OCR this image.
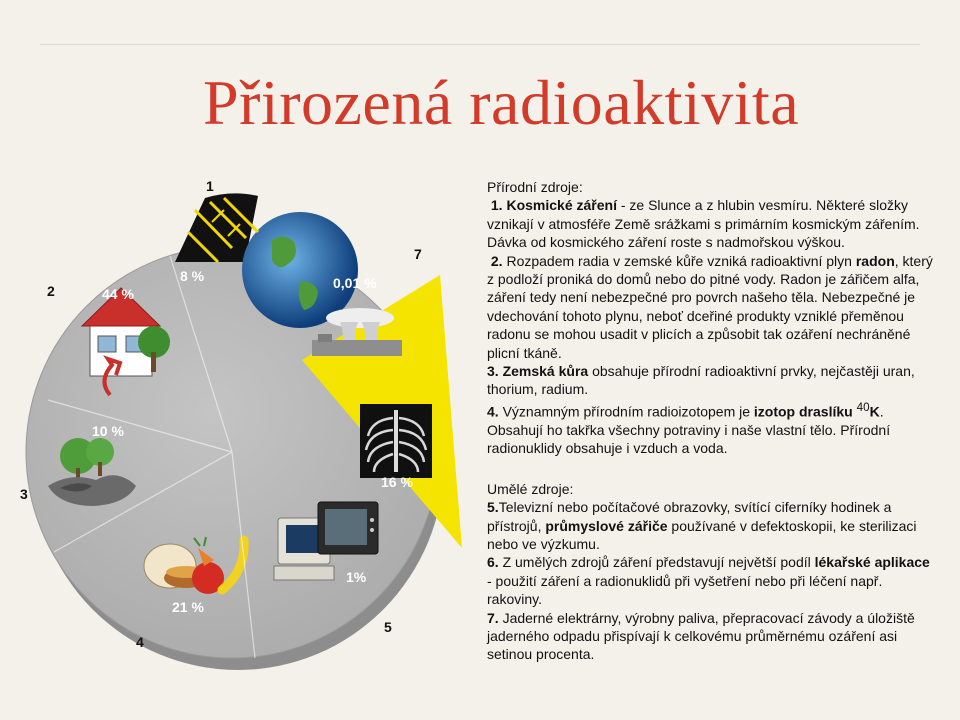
Přirozená radioaktivita
8 %
44 %
10 %
21 %
1%
16 %
0,01 %
1
2
3
4
5
7

Přírodní zdroje:

1. Kosmické záření - ze Slunce a z hlubin vesmíru. Některé složky vznikají v atmosféře Země srážkami s primárním kosmickým zářením. Dávka od kosmického záření roste s nadmořskou výškou.

2. Rozpadem radia v zemské kůře vzniká radioaktivní plyn radon, který z podloží proniká do domů nebo do pitné vody. Radon je zářičem alfa, záření tedy není nebezpečné pro povrch našeho těla. Nebezpečné je vdechování tohoto plynu, neboť dceřiné produkty vzniklé přeměnou radonu se mohou usadit v plicích a způsobit tak ozáření nechráněné plicní tkáně.

3. Zemská kůra obsahuje přírodní radioaktivní prvky, nejčastěji uran, thorium, radium.

4. Významným přírodním radioizotopem je izotop draslíku $^{40}$K. Obsahují ho takřka všechny potraviny i naše vlastní tělo. Přírodní radionuklidy obsahuje i vzduch a voda.

Umělé zdroje:

5.Televizní nebo počítačové obrazovky, svítící ciferníky hodinek a přístrojů, průmyslové zářiče používané v defektoskopii, ke sterilizaci nebo ve výzkumu.

6. Z umělých zdrojů záření představují největší podíl lékařské aplikace - použití záření a radionuklidů při vyšetření nebo při léčení např. rakoviny.

7. Jaderné elektrárny, výrobny paliva, přepracovací závody a úložiště jaderného odpadu přispívají k celkovému průměrnému ozáření asi setinou procenta.
